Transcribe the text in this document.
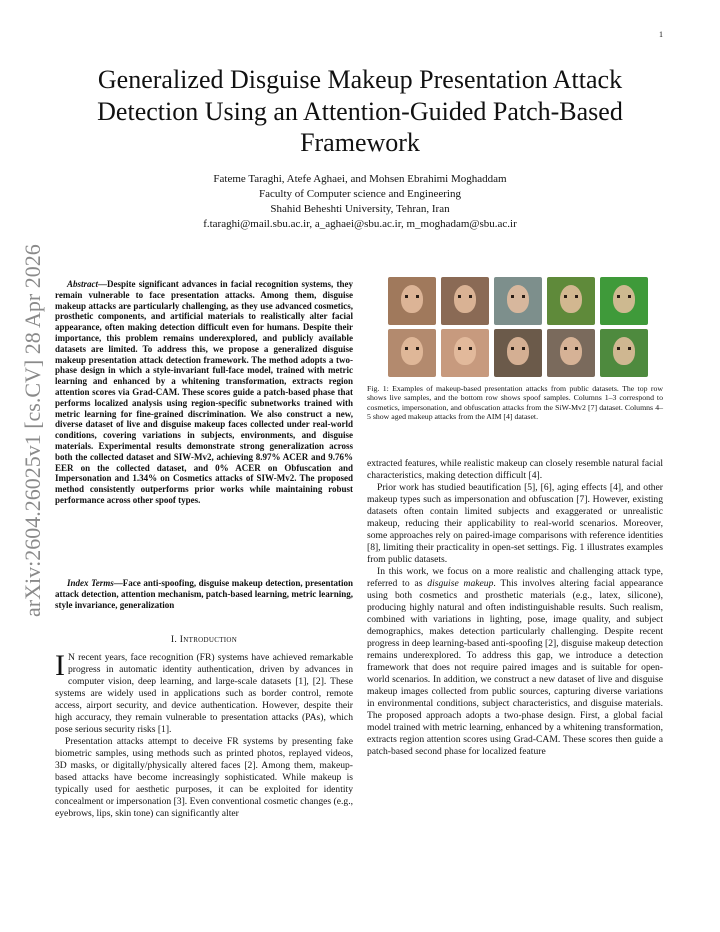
1
arXiv:2604.26025v1 [cs.CV] 28 Apr 2026
Generalized Disguise Makeup Presentation Attack Detection Using an Attention-Guided Patch-Based Framework
Fateme Taraghi, Atefe Aghaei, and Mohsen Ebrahimi Moghaddam
Faculty of Computer science and Engineering
Shahid Beheshti University, Tehran, Iran
f.taraghi@mail.sbu.ac.ir, a_aghaei@sbu.ac.ir, m_moghadam@sbu.ac.ir

Abstract—Despite significant advances in facial recognition systems, they remain vulnerable to face presentation attacks. Among them, disguise makeup attacks are particularly challenging, as they use advanced cosmetics, prosthetic components, and artificial materials to realistically alter facial appearance, often making detection difficult even for humans. Despite their importance, this problem remains underexplored, and publicly available datasets are limited. To address this, we propose a generalized disguise makeup presentation attack detection framework. The method adopts a two-phase design in which a style-invariant full-face model, trained with metric learning and enhanced by a whitening transformation, extracts region attention scores via Grad-CAM. These scores guide a patch-based phase that performs localized analysis using region-specific subnetworks trained with metric learning for fine-grained discrimination. We also construct a new, diverse dataset of live and disguise makeup faces collected under real-world conditions, covering variations in subjects, environments, and disguise materials. Experimental results demonstrate strong generalization across both the collected dataset and SIW-Mv2, achieving 8.97% ACER and 9.76% EER on the collected dataset, and 0% ACER on Obfuscation and Impersonation and 1.34% on Cosmetics attacks of SIW-Mv2. The proposed method consistently outperforms prior works while maintaining robust performance across other spoof types.

Index Terms—Face anti-spoofing, disguise makeup detection, presentation attack detection, attention mechanism, patch-based learning, metric learning, style invariance, generalization

I. Introduction

I N recent years, face recognition (FR) systems have achieved remarkable progress in automatic identity authentication, driven by advances in computer vision, deep learning, and large-scale datasets [1], [2]. These systems are widely used in applications such as border control, remote access, airport security, and device authentication. However, despite their high accuracy, they remain vulnerable to presentation attacks (PAs), which pose serious security risks [1].

Presentation attacks attempt to deceive FR systems by presenting fake biometric samples, using methods such as printed photos, replayed videos, 3D masks, or digitally/physically altered faces [2]. Among them, makeup-based attacks have become increasingly sophisticated. While makeup is typically used for aesthetic purposes, it can be exploited for identity concealment or impersonation [3]. Even conventional cosmetic changes (e.g., eyebrows, lips, skin tone) can significantly alter

Fig. 1: Examples of makeup-based presentation attacks from public datasets. The top row shows live samples, and the bottom row shows spoof samples. Columns 1–3 correspond to cosmetics, impersonation, and obfuscation attacks from the SiW-Mv2 [7] dataset. Columns 4–5 show aged makeup attacks from the AIM [4] dataset.

extracted features, while realistic makeup can closely resemble natural facial characteristics, making detection difficult [4].

Prior work has studied beautification [5], [6], aging effects [4], and other makeup types such as impersonation and obfuscation [7]. However, existing datasets often contain limited subjects and exaggerated or unrealistic makeup, reducing their applicability to real-world scenarios. Moreover, some approaches rely on paired-image comparisons with reference identities [8], limiting their practicality in open-set settings. Fig. 1 illustrates examples from public datasets.

In this work, we focus on a more realistic and challenging attack type, referred to as disguise makeup. This involves altering facial appearance using both cosmetics and prosthetic materials (e.g., latex, silicone), producing highly natural and often indistinguishable results. Such realism, combined with variations in lighting, pose, image quality, and subject demographics, makes detection particularly challenging. Despite recent progress in deep learning-based anti-spoofing [2], disguise makeup detection remains underexplored. To address this gap, we introduce a detection framework that does not require paired images and is suitable for open-world scenarios. In addition, we construct a new dataset of live and disguise makeup images collected from public sources, capturing diverse variations in environmental conditions, subject characteristics, and disguise materials. The proposed approach adopts a two-phase design. First, a global facial model trained with metric learning, enhanced by a whitening transformation, extracts region attention scores using Grad-CAM. These scores then guide a patch-based second phase for localized feature
